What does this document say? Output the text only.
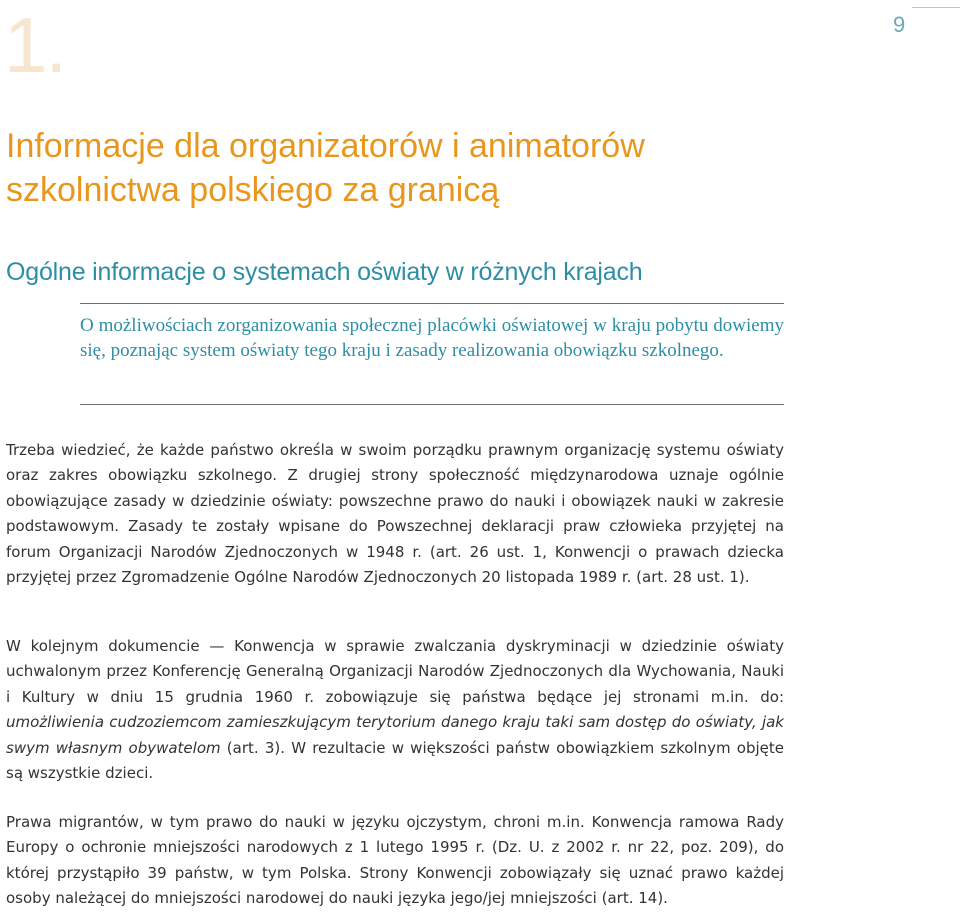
1.	9
Informacje dla organizatorów i animatorów szkolnictwa polskiego za granicą
Ogólne informacje o systemach oświaty w różnych krajach

O możliwościach zorganizowania społecznej placówki oświatowej w kraju pobytu dowiemy się, poznając system oświaty tego kraju i zasady realizowania obowiązku szkolnego.

Trzeba wiedzieć, że każde państwo określa w swoim porządku prawnym organizację systemu oświaty oraz zakres obowiązku szkolnego. Z drugiej strony społeczność międzynarodowa uznaje ogólnie obowiązujące zasady w dziedzinie oświaty: powszechne prawo do nauki i obowiązek nauki w zakresie podstawowym. Zasady te zostały wpisane do Powszechnej deklaracji praw człowieka przyjętej na forum Organizacji Narodów Zjednoczonych w 1948 r. (art. 26 ust. 1, Konwencji o prawach dziecka przyjętej przez Zgromadzenie Ogólne Narodów Zjednoczonych 20 listopada 1989 r. (art. 28 ust. 1).

W kolejnym dokumencie — Konwencja w sprawie zwalczania dyskryminacji w dziedzinie oświaty uchwalonym przez Konferencję Generalną Organizacji Narodów Zjednoczonych dla Wychowania, Nauki i Kultury w dniu 15 grudnia 1960 r. zobowiązuje się państwa będące jej stronami m.in. do: umożliwienia cudzoziemcom zamieszkującym terytorium danego kraju taki sam dostęp do oświaty, jak swym własnym obywatelom (art. 3). W rezultacie w większości państw obowiązkiem szkolnym objęte są wszystkie dzieci.

Prawa migrantów, w tym prawo do nauki w języku ojczystym, chroni m.in. Konwencja ramowa Rady Europy o ochronie mniejszości narodowych z 1 lutego 1995 r. (Dz. U. z 2002 r. nr 22, poz. 209), do której przystąpiło 39 państw, w tym Polska. Strony Konwencji zobowiązały się uznać prawo każdej osoby należącej do mniejszości narodowej do nauki języka jego/jej mniejszości (art. 14).
